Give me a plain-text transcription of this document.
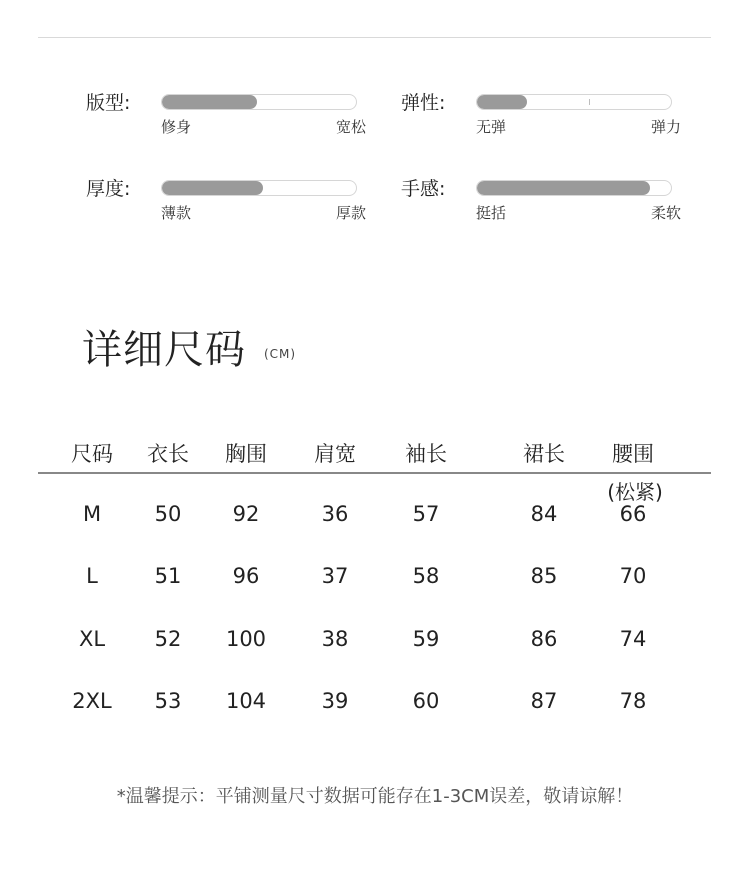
版型:
修身	宽松
弹性:
无弹	弹力
厚度:
薄款	厚款
手感:
挺括	柔软
详细尺码 (CM)
尺码	衣长	胸围	肩宽	袖长	裙长	腰围
(松紧)
M	50	92	36	57	84	66
L	51	96	37	58	85	70
XL	52	100	38	59	86	74
2XL	53	104	39	60	87	78
*温馨提示：平铺测量尺寸数据可能存在1-3CM误差，敬请谅解！
